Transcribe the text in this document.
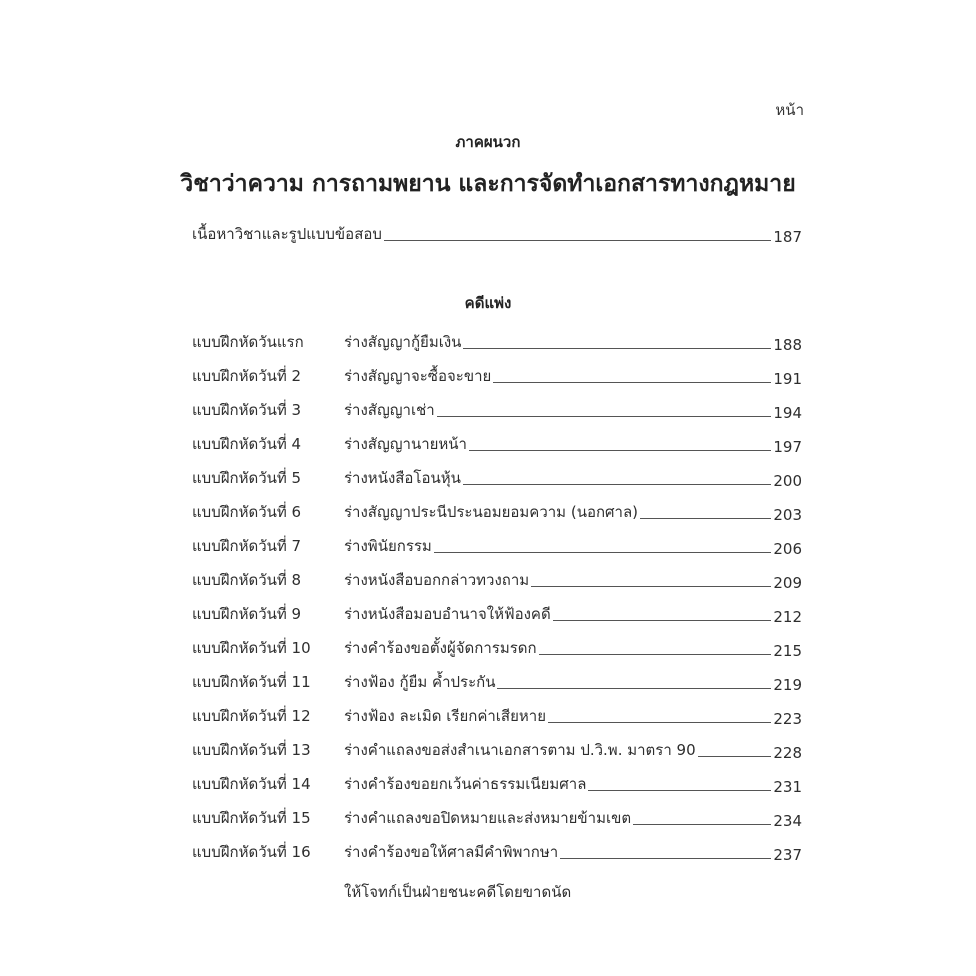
หน้า
ภาคผนวก
วิชาว่าความ การถามพยาน และการจัดทำเอกสารทางกฎหมาย
เนื้อหาวิชาและรูปแบบข้อสอบ	187
คดีแพ่ง
แบบฝึกหัดวันแรก	ร่างสัญญากู้ยืมเงิน	188
แบบฝึกหัดวันที่ 2	ร่างสัญญาจะซื้อจะขาย	191
แบบฝึกหัดวันที่ 3	ร่างสัญญาเช่า	194
แบบฝึกหัดวันที่ 4	ร่างสัญญานายหน้า	197
แบบฝึกหัดวันที่ 5	ร่างหนังสือโอนหุ้น	200
แบบฝึกหัดวันที่ 6	ร่างสัญญาประนีประนอมยอมความ (นอกศาล)	203
แบบฝึกหัดวันที่ 7	ร่างพินัยกรรม	206
แบบฝึกหัดวันที่ 8	ร่างหนังสือบอกกล่าวทวงถาม	209
แบบฝึกหัดวันที่ 9	ร่างหนังสือมอบอำนาจให้ฟ้องคดี	212
แบบฝึกหัดวันที่ 10	ร่างคำร้องขอตั้งผู้จัดการมรดก	215
แบบฝึกหัดวันที่ 11	ร่างฟ้อง กู้ยืม ค้ำประกัน	219
แบบฝึกหัดวันที่ 12	ร่างฟ้อง ละเมิด เรียกค่าเสียหาย	223
แบบฝึกหัดวันที่ 13	ร่างคำแถลงขอส่งสำเนาเอกสารตาม ป.วิ.พ. มาตรา 90	228
แบบฝึกหัดวันที่ 14	ร่างคำร้องขอยกเว้นค่าธรรมเนียมศาล	231
แบบฝึกหัดวันที่ 15	ร่างคำแถลงขอปิดหมายและส่งหมายข้ามเขต	234
แบบฝึกหัดวันที่ 16	ร่างคำร้องขอให้ศาลมีคำพิพากษา	237
ให้โจทก์เป็นฝ่ายชนะคดีโดยขาดนัด
